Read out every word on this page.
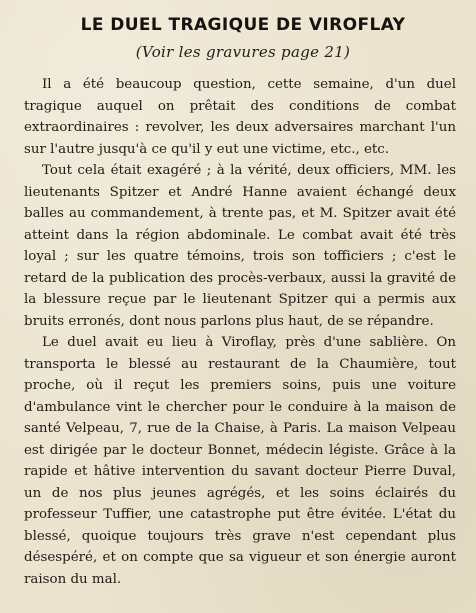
LE DUEL TRAGIQUE DE VIROFLAY
(Voir les gravures page 21)

Il a été beaucoup question, cette semaine, d'un duel tragique auquel on prêtait des conditions de combat extraordinaires : revolver, les deux adversaires marchant l'un sur l'autre jusqu'à ce qu'il y eut une victime, etc., etc.

Tout cela était exagéré ; à la vérité, deux officiers, MM. les lieutenants Spitzer et André Hanne avaient échangé deux balles au commandement, à trente pas, et M. Spitzer avait été atteint dans la région abdominale. Le combat avait été très loyal ; sur les quatre témoins, trois son tofficiers ; c'est le retard de la publication des procès-verbaux, aussi la gravité de la blessure reçue par le lieutenant Spitzer qui a permis aux bruits erronés, dont nous parlons plus haut, de se répandre.

Le duel avait eu lieu à Viroflay, près d'une sablière. On transporta le blessé au restaurant de la Chaumière, tout proche, où il reçut les premiers soins, puis une voiture d'ambulance vint le chercher pour le conduire à la maison de santé Velpeau, 7, rue de la Chaise, à Paris. La maison Velpeau est dirigée par le docteur Bonnet, médecin légiste. Grâce à la rapide et hâtive intervention du savant docteur Pierre Duval, un de nos plus jeunes agrégés, et les soins éclairés du professeur Tuffier, une catastrophe put être évitée. L'état du blessé, quoique toujours très grave n'est cependant plus désespéré, et on compte que sa vigueur et son énergie auront raison du mal.
